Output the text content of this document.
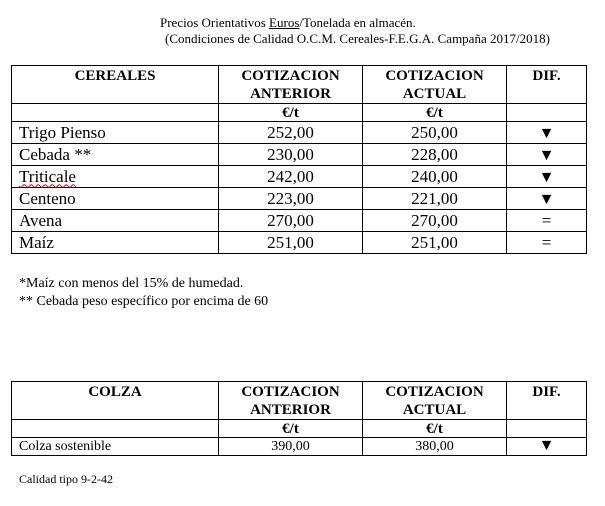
Precios Orientativos Euros/Tonelada en almacén.
(Condiciones de Calidad O.C.M. Cereales-F.E.G.A. Campaña 2017/2018)
CEREALES	COTIZACION ANTERIOR	COTIZACION ACTUAL	DIF.
	€/t	€/t	
Trigo Pienso	252,00	250,00	▼
Cebada **	230,00	228,00	▼
Triticale	242,00	240,00	▼
Centeno	223,00	221,00	▼
Avena	270,00	270,00	=
Maíz	251,00	251,00	=
*Maíz con menos del 15% de humedad.
** Cebada peso específico por encima de 60
COLZA	COTIZACION ANTERIOR	COTIZACION ACTUAL	DIF.
	€/t	€/t	
Colza sostenible	390,00	380,00	▼
Calidad tipo 9-2-42
